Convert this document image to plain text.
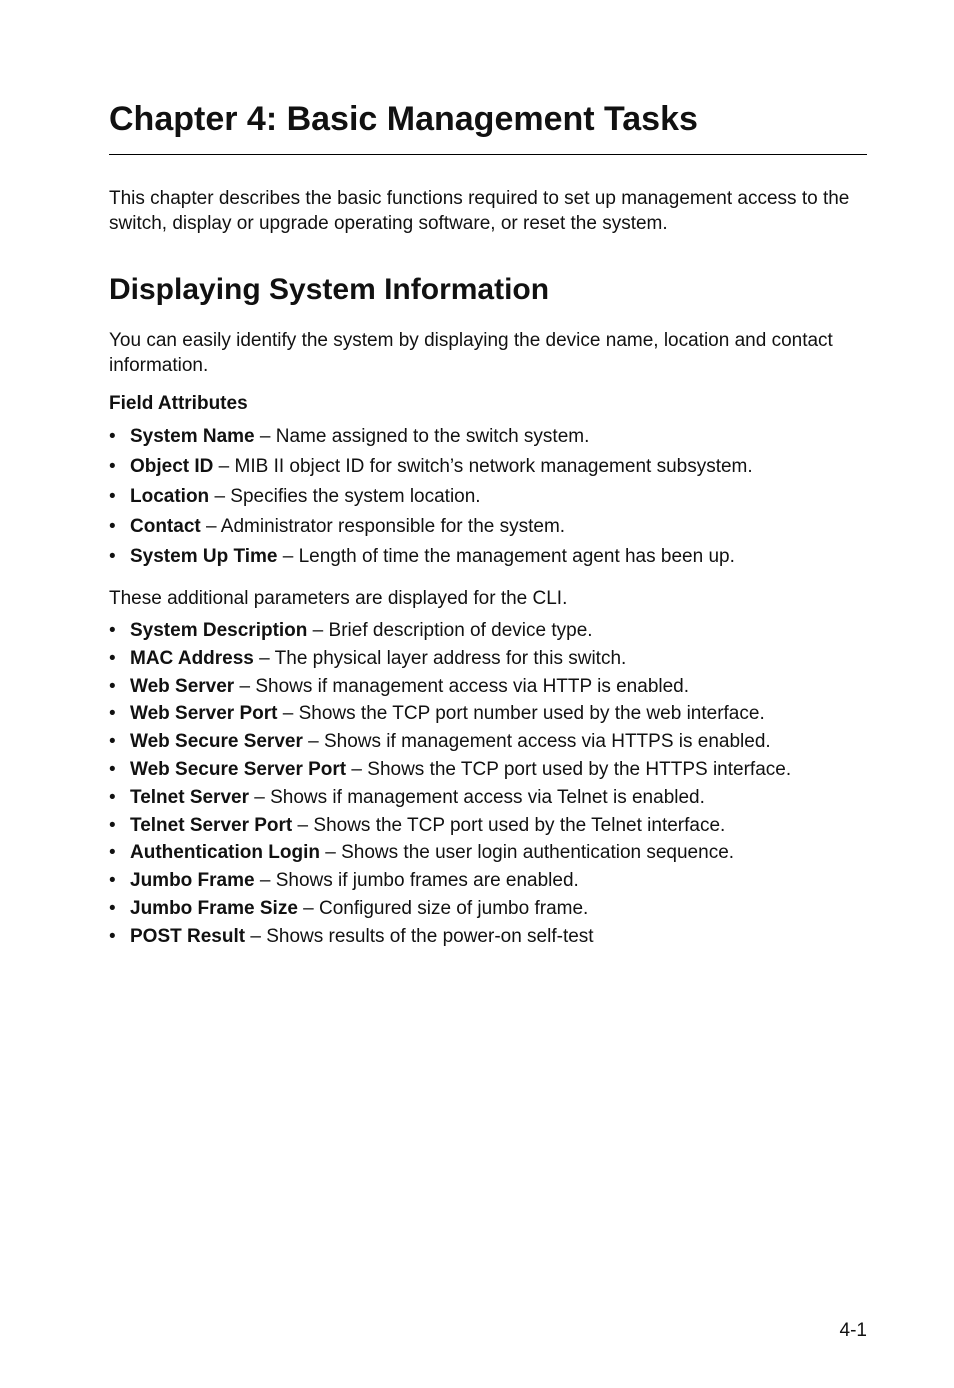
Chapter 4: Basic Management Tasks

This chapter describes the basic functions required to set up management access to the switch, display or upgrade operating software, or reset the system.

Displaying System Information

You can easily identify the system by displaying the device name, location and contact information.

Field Attributes
• System Name – Name assigned to the switch system.
• Object ID – MIB II object ID for switch’s network management subsystem.
• Location – Specifies the system location.
• Contact – Administrator responsible for the system.
• System Up Time – Length of time the management agent has been up.

These additional parameters are displayed for the CLI.

• System Description – Brief description of device type.
• MAC Address – The physical layer address for this switch.
• Web Server – Shows if management access via HTTP is enabled.
• Web Server Port – Shows the TCP port number used by the web interface.
• Web Secure Server – Shows if management access via HTTPS is enabled.
• Web Secure Server Port – Shows the TCP port used by the HTTPS interface.
• Telnet Server – Shows if management access via Telnet is enabled.
• Telnet Server Port – Shows the TCP port used by the Telnet interface.
• Authentication Login – Shows the user login authentication sequence.
• Jumbo Frame – Shows if jumbo frames are enabled.
• Jumbo Frame Size – Configured size of jumbo frame.
• POST Result – Shows results of the power-on self-test

4-1
